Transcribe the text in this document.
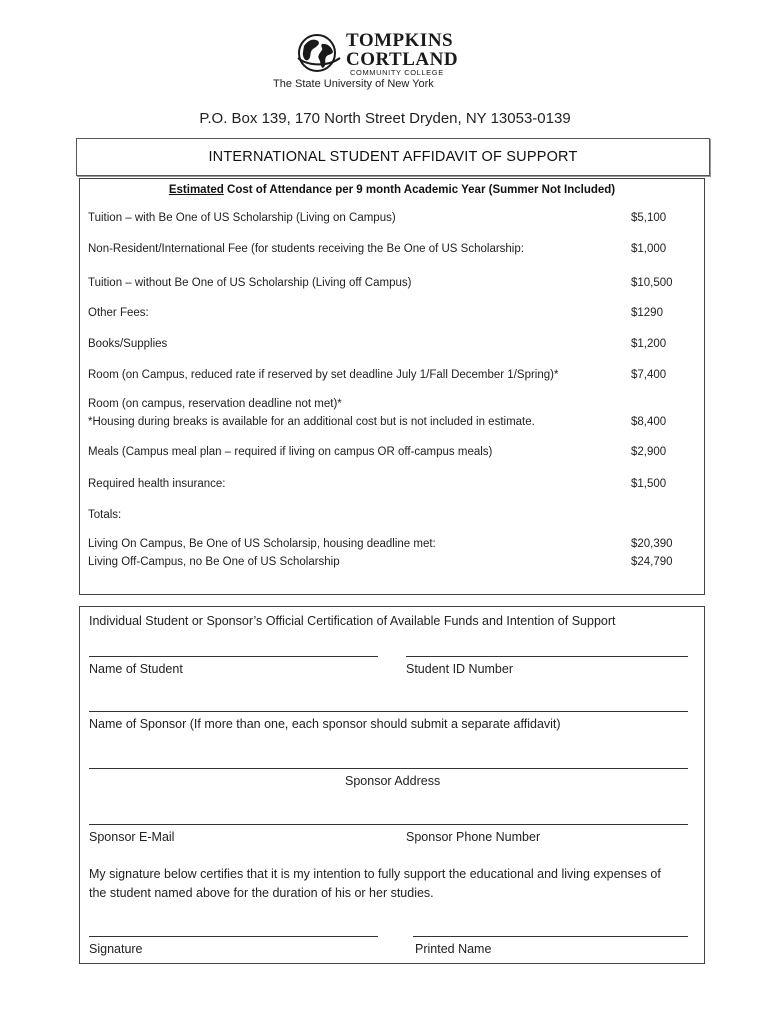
TOMPKINS
CORTLAND
COMMUNITY COLLEGE
The State University of New York
P.O. Box 139, 170 North Street Dryden, NY 13053-0139
INTERNATIONAL STUDENT AFFIDAVIT OF SUPPORT
Estimated Cost of Attendance per 9 month Academic Year (Summer Not Included)
Tuition – with Be One of US Scholarship (Living on Campus)	$5,100
Non-Resident/International Fee (for students receiving the Be One of US Scholarship:	$1,000
Tuition – without Be One of US Scholarship (Living off Campus)	$10,500
Other Fees:	$1290
Books/Supplies	$1,200
Room (on Campus, reduced rate if reserved by set deadline July 1/Fall December 1/Spring)*	$7,400
Room (on campus, reservation deadline not met)*
*Housing during breaks is available for an additional cost but is not included in estimate.	$8,400
Meals (Campus meal plan – required if living on campus OR off-campus meals)	$2,900
Required health insurance:	$1,500
Totals:
Living On Campus, Be One of US Scholarsip, housing deadline met:	$20,390
Living Off-Campus, no Be One of US Scholarship	$24,790
Individual Student or Sponsor’s Official Certification of Available Funds and Intention of Support
Name of Student	Student ID Number
Name of Sponsor (If more than one, each sponsor should submit a separate affidavit)
Sponsor Address
Sponsor E-Mail	Sponsor Phone Number
My signature below certifies that it is my intention to fully support the educational and living expenses of
the student named above for the duration of his or her studies.
Signature	Printed Name
